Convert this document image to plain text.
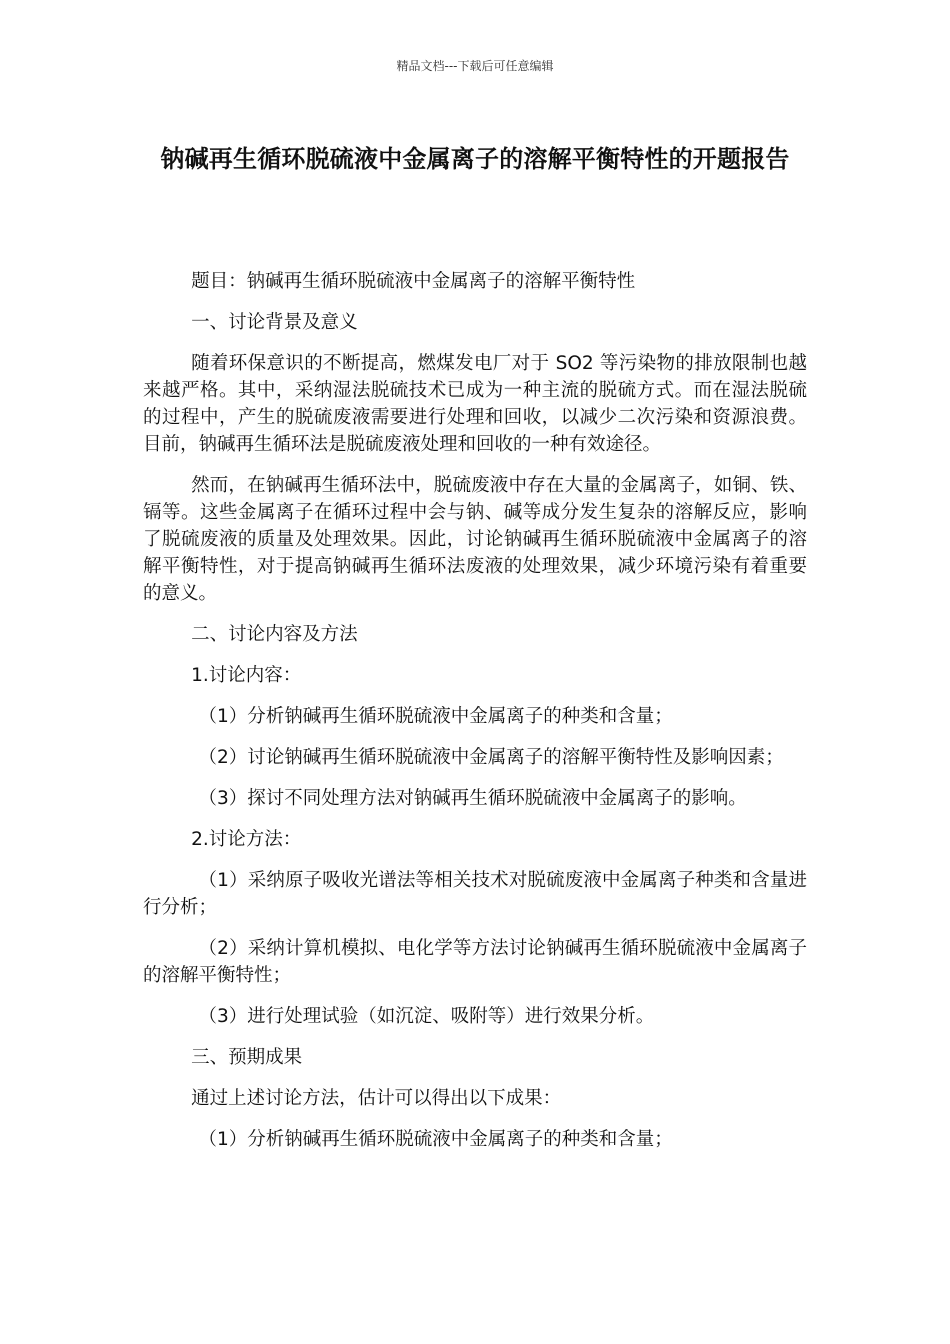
精品文档---下载后可任意编辑
钠碱再生循环脱硫液中金属离子的溶解平衡特性的开题报告

题目：钠碱再生循环脱硫液中金属离子的溶解平衡特性

一、讨论背景及意义

随着环保意识的不断提高，燃煤发电厂对于 SO2 等污染物的排放限制也越来越严格。其中，采纳湿法脱硫技术已成为一种主流的脱硫方式。而在湿法脱硫的过程中，产生的脱硫废液需要进行处理和回收，以减少二次污染和资源浪费。目前，钠碱再生循环法是脱硫废液处理和回收的一种有效途径。

然而，在钠碱再生循环法中，脱硫废液中存在大量的金属离子，如铜、铁、镉等。这些金属离子在循环过程中会与钠、碱等成分发生复杂的溶解反应，影响了脱硫废液的质量及处理效果。因此，讨论钠碱再生循环脱硫液中金属离子的溶解平衡特性，对于提高钠碱再生循环法废液的处理效果，减少环境污染有着重要的意义。

二、讨论内容及方法

1.讨论内容：

（1）分析钠碱再生循环脱硫液中金属离子的种类和含量；

（2）讨论钠碱再生循环脱硫液中金属离子的溶解平衡特性及影响因素；

（3）探讨不同处理方法对钠碱再生循环脱硫液中金属离子的影响。

2.讨论方法：

（1）采纳原子吸收光谱法等相关技术对脱硫废液中金属离子种类和含量进行分析；

（2）采纳计算机模拟、电化学等方法讨论钠碱再生循环脱硫液中金属离子的溶解平衡特性；

（3）进行处理试验（如沉淀、吸附等）进行效果分析。

三、预期成果

通过上述讨论方法，估计可以得出以下成果：

（1）分析钠碱再生循环脱硫液中金属离子的种类和含量；
